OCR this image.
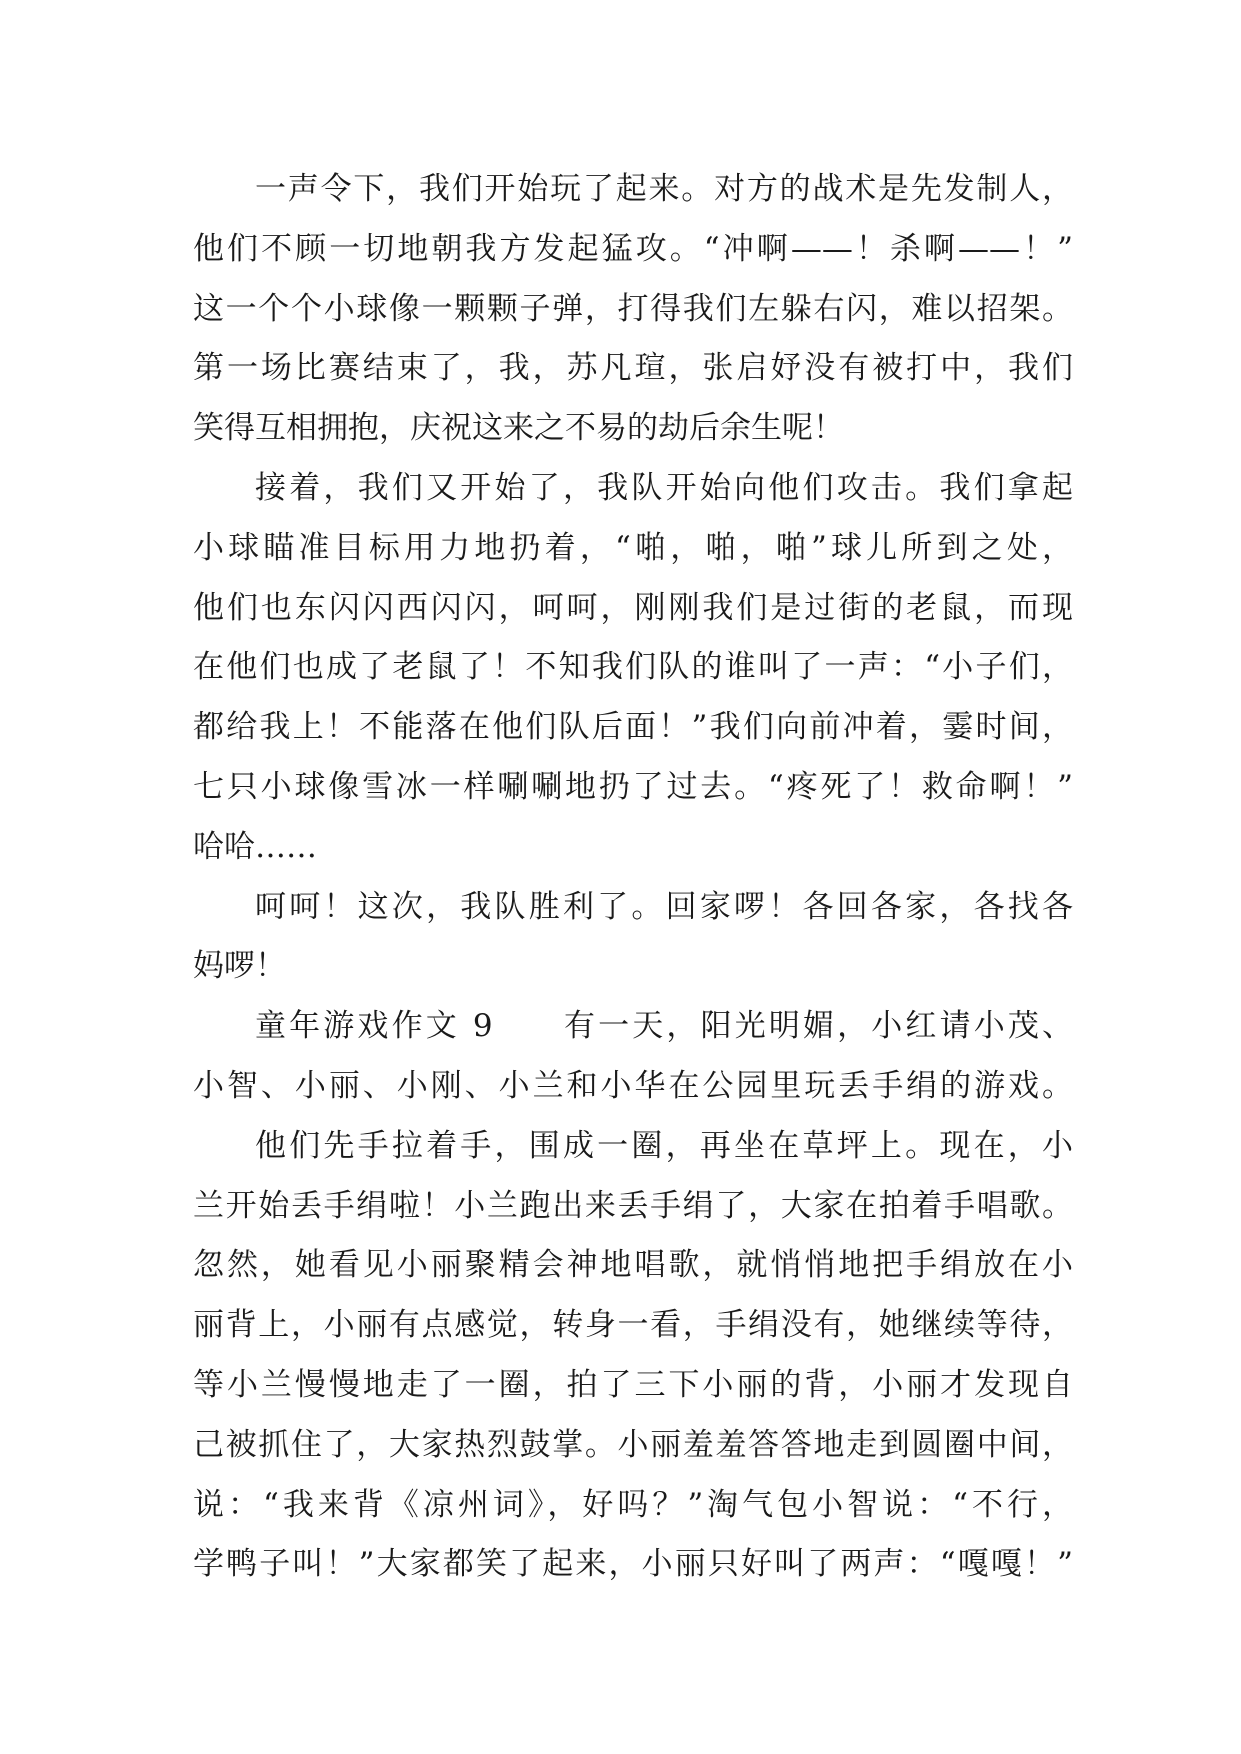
一声令下，我们开始玩了起来。对方的战术是先发制人，
他们不顾一切地朝我方发起猛攻。“冲啊——！杀啊——！”
这一个个小球像一颗颗子弹，打得我们左躲右闪，难以招架。
第一场比赛结束了，我，苏凡瑄，张启妤没有被打中，我们
笑得互相拥抱，庆祝这来之不易的劫后余生呢！
接着，我们又开始了，我队开始向他们攻击。我们拿起
小球瞄准目标用力地扔着，“啪，啪，啪”球儿所到之处，
他们也东闪闪西闪闪，呵呵，刚刚我们是过街的老鼠，而现
在他们也成了老鼠了！不知我们队的谁叫了一声：“小子们，
都给我上！不能落在他们队后面！”我们向前冲着，霎时间，
七只小球像雪冰一样唰唰地扔了过去。“疼死了！救命啊！”
哈哈……
呵呵！这次，我队胜利了。回家啰！各回各家，各找各
妈啰！
童年游戏作文 9　　有一天，阳光明媚，小红请小茂、
小智、小丽、小刚、小兰和小华在公园里玩丢手绢的游戏。
他们先手拉着手，围成一圈，再坐在草坪上。现在，小
兰开始丢手绢啦！小兰跑出来丢手绢了，大家在拍着手唱歌。
忽然，她看见小丽聚精会神地唱歌，就悄悄地把手绢放在小
丽背上，小丽有点感觉，转身一看，手绢没有，她继续等待，
等小兰慢慢地走了一圈，拍了三下小丽的背，小丽才发现自
己被抓住了，大家热烈鼓掌。小丽羞羞答答地走到圆圈中间，
说：“我来背《凉州词》，好吗？”淘气包小智说：“不行，
学鸭子叫！”大家都笑了起来，小丽只好叫了两声：“嘎嘎！”
